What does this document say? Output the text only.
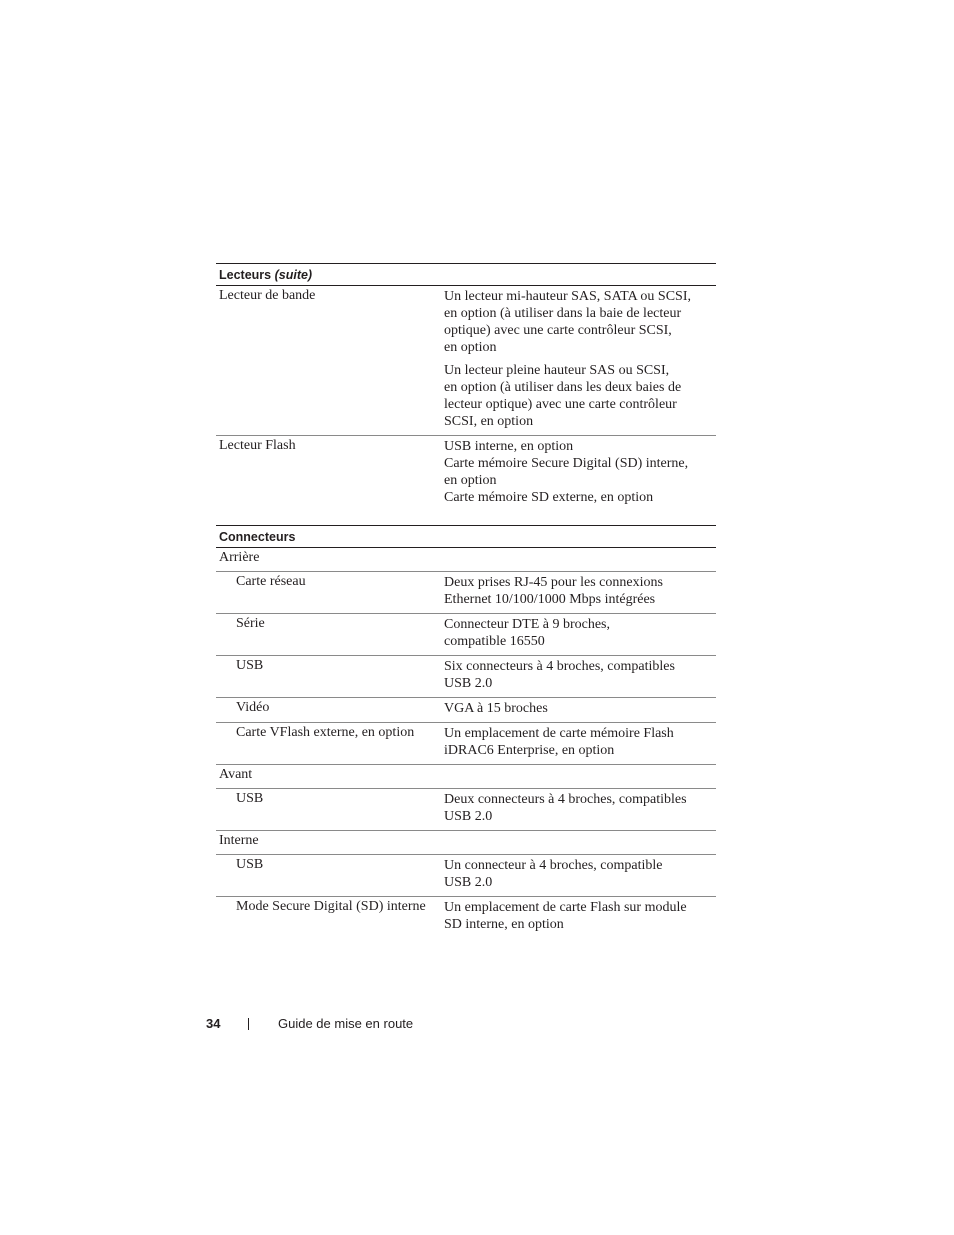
Lecteurs (suite)
Lecteur de bande	Un lecteur mi-hauteur SAS, SATA ou SCSI,
en option (à utiliser dans la baie de lecteur
optique) avec une carte contrôleur SCSI,
en option
Un lecteur pleine hauteur SAS ou SCSI,
en option (à utiliser dans les deux baies de
lecteur optique) avec une carte contrôleur
SCSI, en option
Lecteur Flash	USB interne, en option
Carte mémoire Secure Digital (SD) interne,
en option
Carte mémoire SD externe, en option
Connecteurs
Arrière
Carte réseau	Deux prises RJ-45 pour les connexions
Ethernet 10/100/1000 Mbps intégrées
Série	Connecteur DTE à 9 broches,
compatible 16550
USB	Six connecteurs à 4 broches, compatibles
USB 2.0
Vidéo	VGA à 15 broches
Carte VFlash externe, en option	Un emplacement de carte mémoire Flash
iDRAC6 Enterprise, en option
Avant
USB	Deux connecteurs à 4 broches, compatibles
USB 2.0
Interne
USB	Un connecteur à 4 broches, compatible
USB 2.0
Mode Secure Digital (SD) interne	Un emplacement de carte Flash sur module
SD interne, en option
34	Guide de mise en route
